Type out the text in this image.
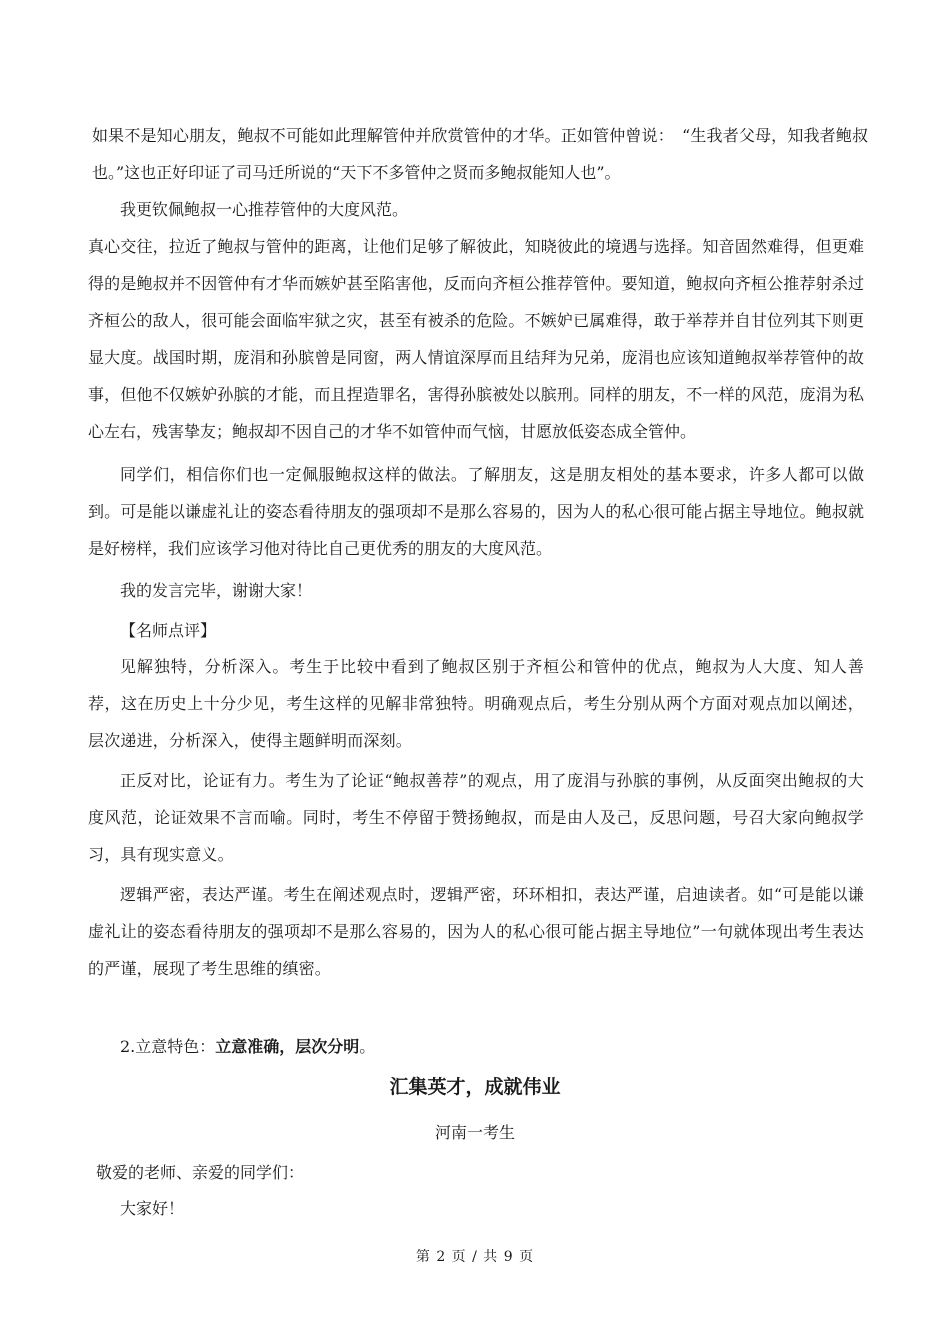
如果不是知心朋友，鲍叔不可能如此理解管仲并欣赏管仲的才华。正如管仲曾说：　“生我者父母，知我者鲍叔也。”这也正好印证了司马迁所说的“天下不多管仲之贤而多鲍叔能知人也”。
我更钦佩鲍叔一心推荐管仲的大度风范。
真心交往，拉近了鲍叔与管仲的距离，让他们足够了解彼此，知晓彼此的境遇与选择。知音固然难得，但更难得的是鲍叔并不因管仲有才华而嫉妒甚至陷害他，反而向齐桓公推荐管仲。要知道，鲍叔向齐桓公推荐射杀过齐桓公的敌人，很可能会面临牢狱之灾，甚至有被杀的危险。不嫉妒已属难得，敢于举荐并自甘位列其下则更显大度。战国时期，庞涓和孙膑曾是同窗，两人情谊深厚而且结拜为兄弟，庞涓也应该知道鲍叔举荐管仲的故事，但他不仅嫉妒孙膑的才能，而且捏造罪名，害得孙膑被处以膑刑。同样的朋友，不一样的风范，庞涓为私心左右，残害挚友；鲍叔却不因自己的才华不如管仲而气恼，甘愿放低姿态成全管仲。
同学们，相信你们也一定佩服鲍叔这样的做法。了解朋友，这是朋友相处的基本要求，许多人都可以做到。可是能以谦虚礼让的姿态看待朋友的强项却不是那么容易的，因为人的私心很可能占据主导地位。鲍叔就是好榜样，我们应该学习他对待比自己更优秀的朋友的大度风范。
我的发言完毕，谢谢大家！
【名师点评】
见解独特，分析深入。考生于比较中看到了鲍叔区别于齐桓公和管仲的优点，鲍叔为人大度、知人善荐，这在历史上十分少见，考生这样的见解非常独特。明确观点后，考生分别从两个方面对观点加以阐述，层次递进，分析深入，使得主题鲜明而深刻。
正反对比，论证有力。考生为了论证“鲍叔善荐”的观点，用了庞涓与孙膑的事例，从反面突出鲍叔的大度风范，论证效果不言而喻。同时，考生不停留于赞扬鲍叔，而是由人及己，反思问题，号召大家向鲍叔学习，具有现实意义。
逻辑严密，表达严谨。考生在阐述观点时，逻辑严密，环环相扣，表达严谨，启迪读者。如“可是能以谦虚礼让的姿态看待朋友的强项却不是那么容易的，因为人的私心很可能占据主导地位”一句就体现出考生表达的严谨，展现了考生思维的缜密。
2.立意特色：立意准确，层次分明。
汇集英才，成就伟业
河南一考生
敬爱的老师、亲爱的同学们：
大家好！
第 2 页 / 共 9 页
